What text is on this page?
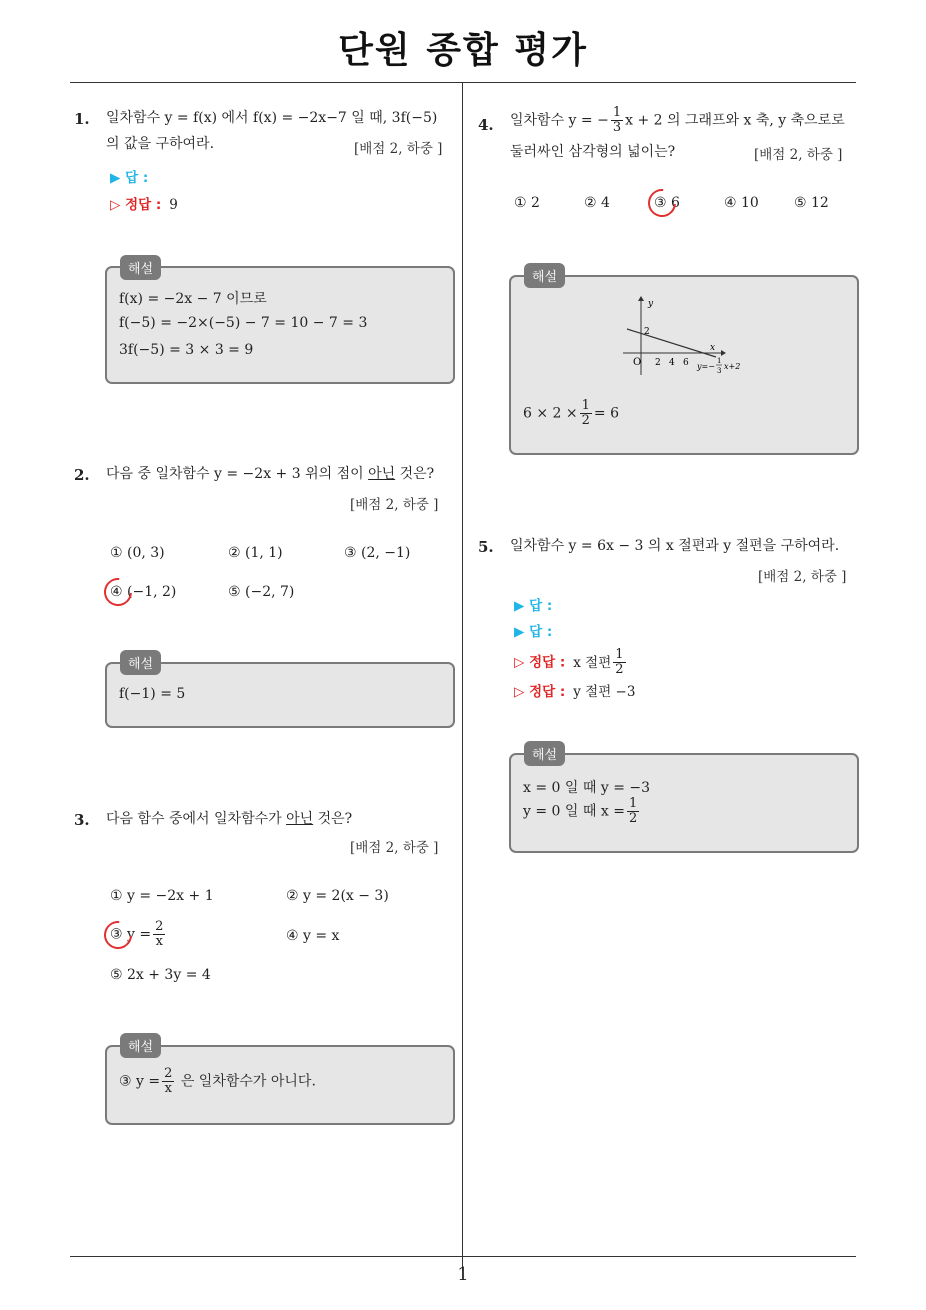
단원 종합 평가
1
1. 일차함수 y = f(x) 에서 f(x) = −2x−7 일 때, 3f(−5)
의 값을 구하여라.	[배점 2, 하중 ]
▶ 답 :
▷ 정답 : 9
f(x) = −2x − 7 이므로
f(−5) = −2×(−5) − 7 = 10 − 7 = 3
3f(−5) = 3 × 3 = 9
해설
2. 다음 중 일차함수 y = −2x + 3 위의 점이 아닌 것은?
[배점 2, 하중 ]
① (0, 3)	② (1, 1)	③ (2, −1)
④ (−1, 2)	⑤ (−2, 7)
f(−1) = 5
해설
3. 다음 함수 중에서 일차함수가 아닌 것은?
[배점 2, 하중 ]
① y = −2x + 1	② y = 2(x − 3)
③ $y = \frac{2}{x}$	④ y = x
⑤ 2x + 3y = 4
③ $y = \frac{2}{x}$ 은 일차함수가 아니다.
해설
4. 일차함수 y = − $\frac{1}{3}$ x + 2 의 그래프와 x 축, y 축으로로
둘러싸인 삼각형의 넓이는?	[배점 2, 하중 ]
① 2	② 4	③ 6	④ 10	⑤ 12
y
x
O 2 4 6
2
y=−
1
3 x+2
$6 \times 2 \times \frac{1}{2} = 6$
해설
5. 일차함수 y = 6x − 3 의 x 절편과 y 절편을 구하여라.
[배점 2, 하중 ]
▶ 답 :
▶ 답 :
▷ 정답 : x 절편 $\frac{1}{2}$
▷ 정답 : y 절편 −3
x = 0 일 때 y = −3
y = 0 일 때 $x = \frac{1}{2}$
해설
